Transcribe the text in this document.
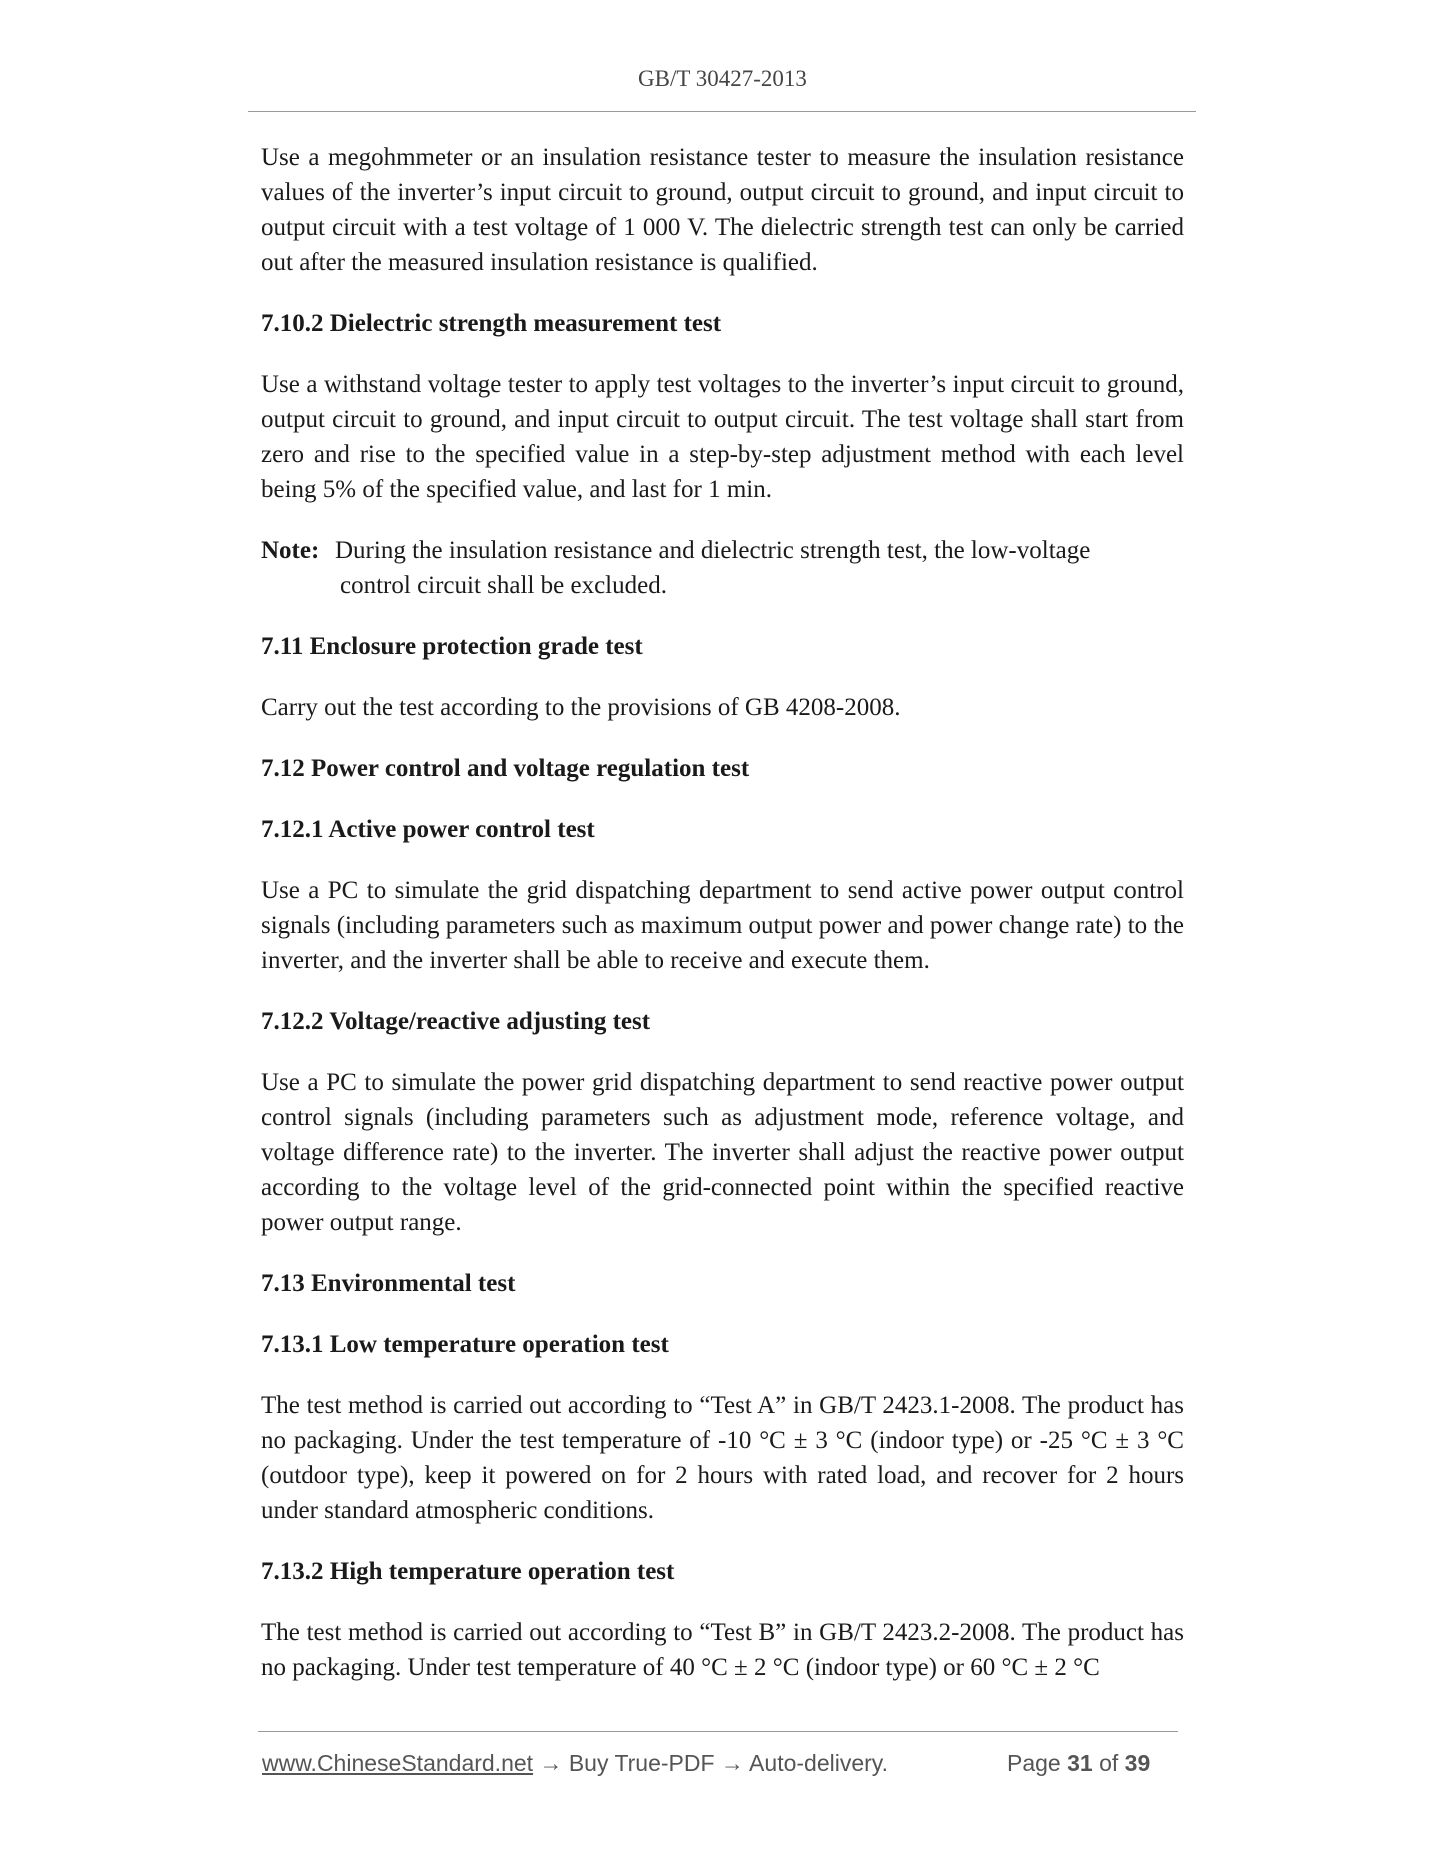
GB/T 30427-2013

Use a megohmmeter or an insulation resistance tester to measure the insulation resistance values of the inverter’s input circuit to ground, output circuit to ground, and input circuit to output circuit with a test voltage of 1 000 V. The dielectric strength test can only be carried out after the measured insulation resistance is qualified.

7.10.2 Dielectric strength measurement test

Use a withstand voltage tester to apply test voltages to the inverter’s input circuit to ground, output circuit to ground, and input circuit to output circuit. The test voltage shall start from zero and rise to the specified value in a step-by-step adjustment method with each level being 5% of the specified value, and last for 1 min.

Note: During the insulation resistance and dielectric strength test, the low-voltage
control circuit shall be excluded.
7.11 Enclosure protection grade test

Carry out the test according to the provisions of GB 4208-2008.

7.12 Power control and voltage regulation test
7.12.1 Active power control test

Use a PC to simulate the grid dispatching department to send active power output control signals (including parameters such as maximum output power and power change rate) to the inverter, and the inverter shall be able to receive and execute them.

7.12.2 Voltage/reactive adjusting test

Use a PC to simulate the power grid dispatching department to send reactive power output control signals (including parameters such as adjustment mode, reference voltage, and voltage difference rate) to the inverter. The inverter shall adjust the reactive power output according to the voltage level of the grid-connected point within the specified reactive power output range.

7.13 Environmental test
7.13.1 Low temperature operation test

The test method is carried out according to “Test A” in GB/T 2423.1-2008. The product has no packaging. Under the test temperature of -10 °C ± 3 °C (indoor type) or -25 °C ± 3 °C (outdoor type), keep it powered on for 2 hours with rated load, and recover for 2 hours under standard atmospheric conditions.

7.13.2 High temperature operation test

The test method is carried out according to “Test B” in GB/T 2423.2-2008. The product has no packaging. Under test temperature of 40 °C ± 2 °C (indoor type) or 60 °C ± 2 °C

www.ChineseStandard.net → Buy True-PDF → Auto-delivery.	Page 31 of 39
